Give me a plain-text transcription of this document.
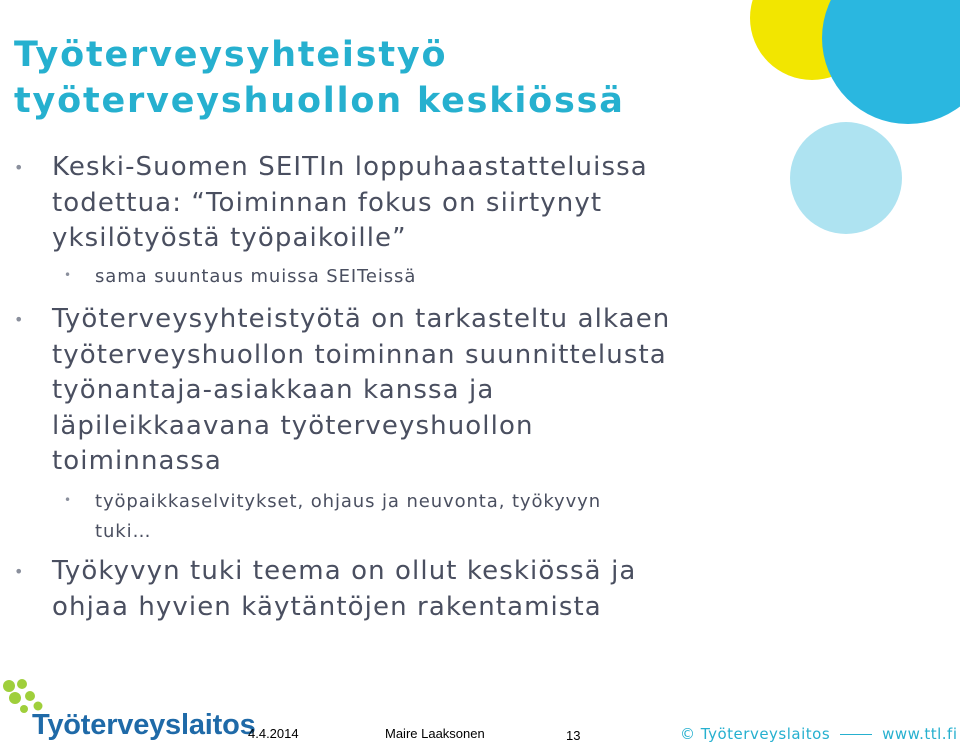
Työterveysyhteistyö
työterveyshuollon keskiössä
• Keski-Suomen SEITIn loppuhaastatteluissa
todettua: “Toiminnan fokus on siirtynyt
yksilötyöstä työpaikoille”
• sama suuntaus muissa SEITeissä
• Työterveysyhteistyötä on tarkasteltu alkaen
työterveyshuollon toiminnan suunnittelusta
työnantaja-asiakkaan kanssa ja
läpileikkaavana työterveyshuollon
toiminnassa
• työpaikkaselvitykset, ohjaus ja neuvonta, työkyvyn
tuki…
• Työkyvyn tuki teema on ollut keskiössä ja
ohjaa hyvien käytäntöjen rakentamista
Työterveyslaitos
4.4.2014	Maire Laaksonen	13	© Työterveyslaitos	www.ttl.fi
